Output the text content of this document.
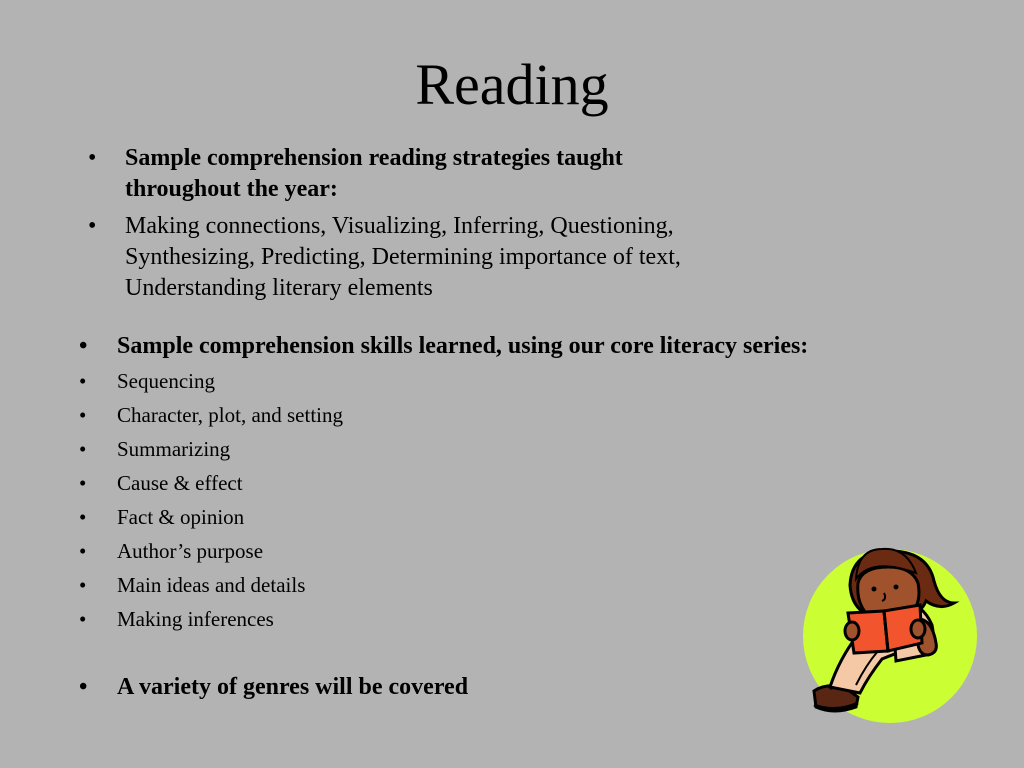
Reading
• Sample comprehension reading strategies taught
throughout the year:
• Making connections, Visualizing, Inferring, Questioning,
Synthesizing, Predicting, Determining importance of text,
Understanding literary elements
• Sample comprehension skills learned, using our core literacy series:
• Sequencing
• Character, plot, and setting
• Summarizing
• Cause & effect
• Fact & opinion
• Author’s purpose
• Main ideas and details
• Making inferences
• A variety of genres will be covered
